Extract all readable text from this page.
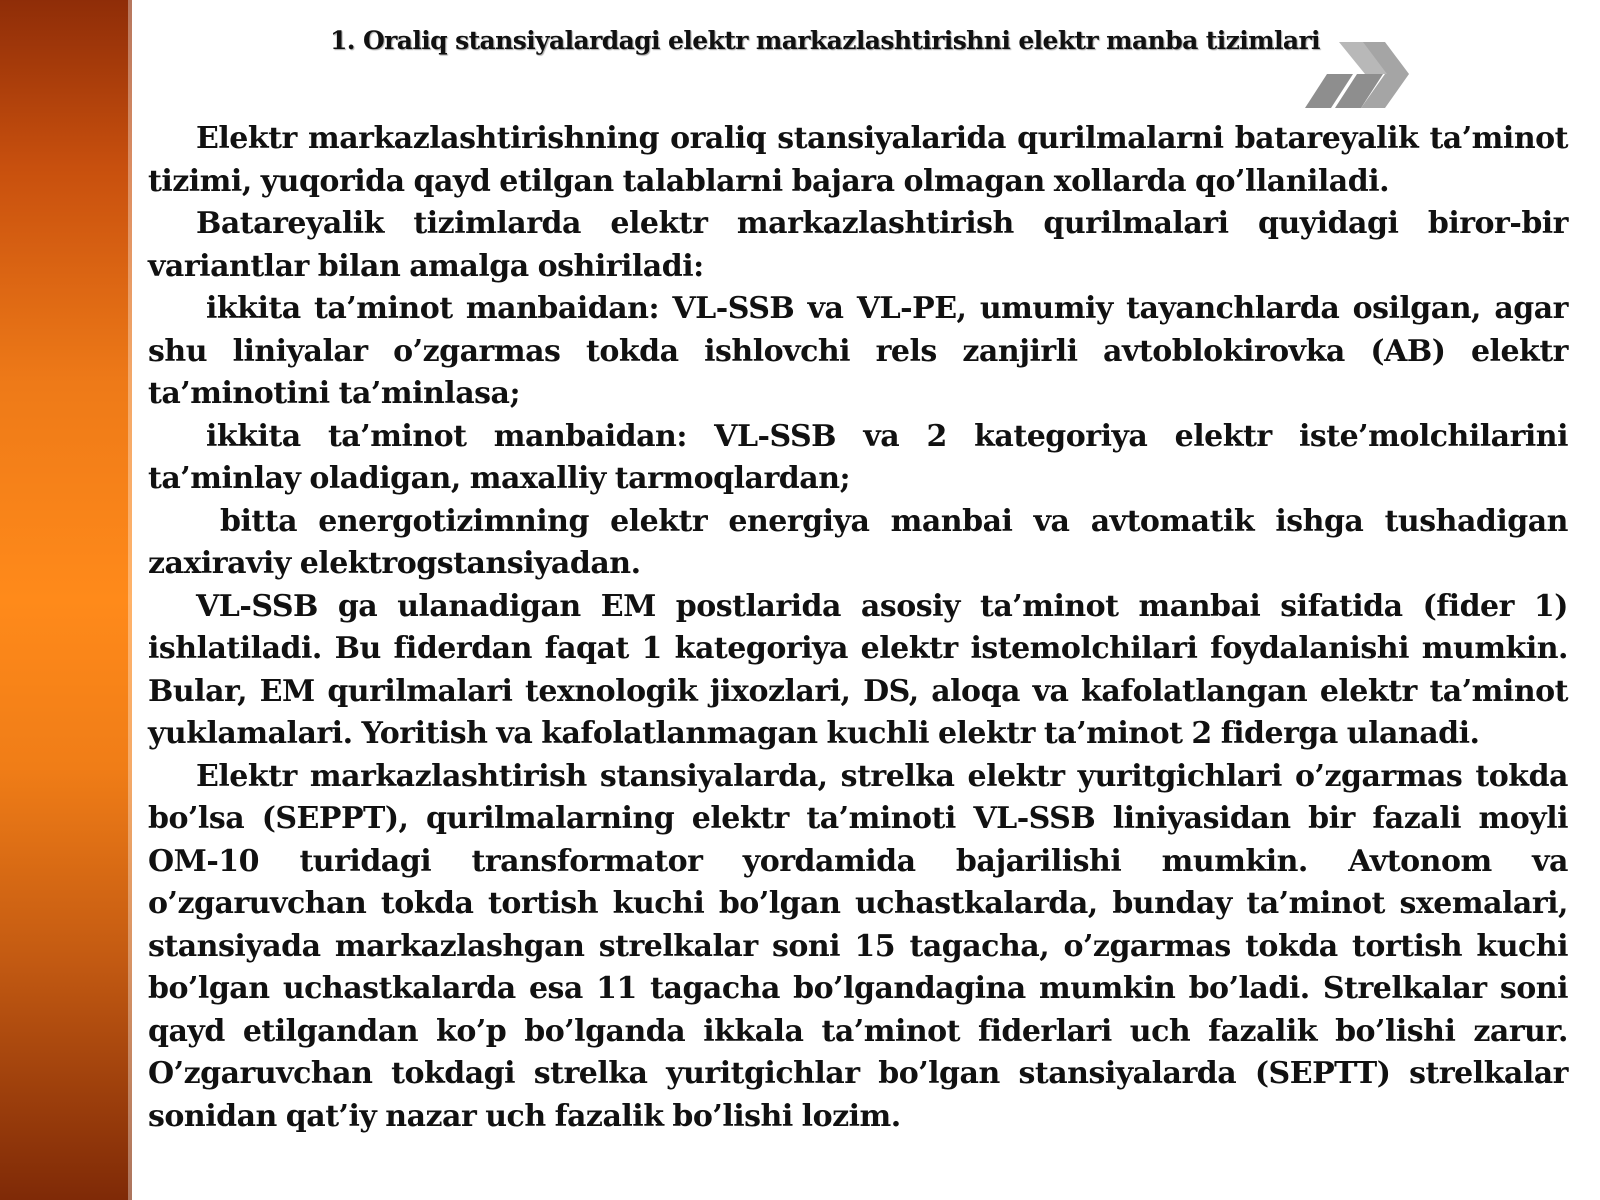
1. Oraliq stansiyalardagi elektr markazlashtirishni elektr manba tizimlari

Elektr markazlashtirishning oraliq stansiyalarida qurilmalarni batareyalik ta’minot tizimi, yuqorida qayd etilgan talablarni bajara olmagan xollarda qo’llaniladi.

Batareyalik tizimlarda elektr markazlashtirish qurilmalari quyidagi biror-bir variantlar bilan amalga oshiriladi:

ikkita ta’minot manbaidan: VL-SSB va VL-PE, umumiy tayanchlarda osilgan, agar shu liniyalar o’zgarmas tokda ishlovchi rels zanjirli avtoblokirovka (AB) elektr ta’minotini ta’minlasa;

ikkita ta’minot manbaidan: VL-SSB va 2 kategoriya elektr iste’molchilarini ta’minlay oladigan, maxalliy tarmoqlardan;

bitta energotizimning elektr energiya manbai va avtomatik ishga tushadigan zaxiraviy elektrogstansiyadan.

VL-SSB ga ulanadigan EM postlarida asosiy ta’minot manbai sifatida (fider 1) ishlatiladi. Bu fiderdan faqat 1 kategoriya elektr istemolchilari foydalanishi mumkin. Bular, EM qurilmalari texnologik jixozlari, DS, aloqa va kafolatlangan elektr ta’minot yuklamalari. Yoritish va kafolatlanmagan kuchli elektr ta’minot 2 fiderga ulanadi.

Elektr markazlashtirish stansiyalarda, strelka elektr yuritgichlari o’zgarmas tokda bo’lsa (SEPPT), qurilmalarning elektr ta’minoti VL-SSB liniyasidan bir fazali moyli OM-10 turidagi transformator yordamida bajarilishi mumkin. Avtonom va o’zgaruvchan tokda tortish kuchi bo’lgan uchastkalarda, bunday ta’minot sxemalari, stansiyada markazlashgan strelkalar soni 15 tagacha, o’zgarmas tokda tortish kuchi bo’lgan uchastkalarda esa 11 tagacha bo’lgandagina mumkin bo’ladi. Strelkalar soni qayd etilgandan ko’p bo’lganda ikkala ta’minot fiderlari uch fazalik bo’lishi zarur. O’zgaruvchan tokdagi strelka yuritgichlar bo’lgan stansiyalarda (SEPTT) strelkalar sonidan qat’iy nazar uch fazalik bo’lishi lozim.
